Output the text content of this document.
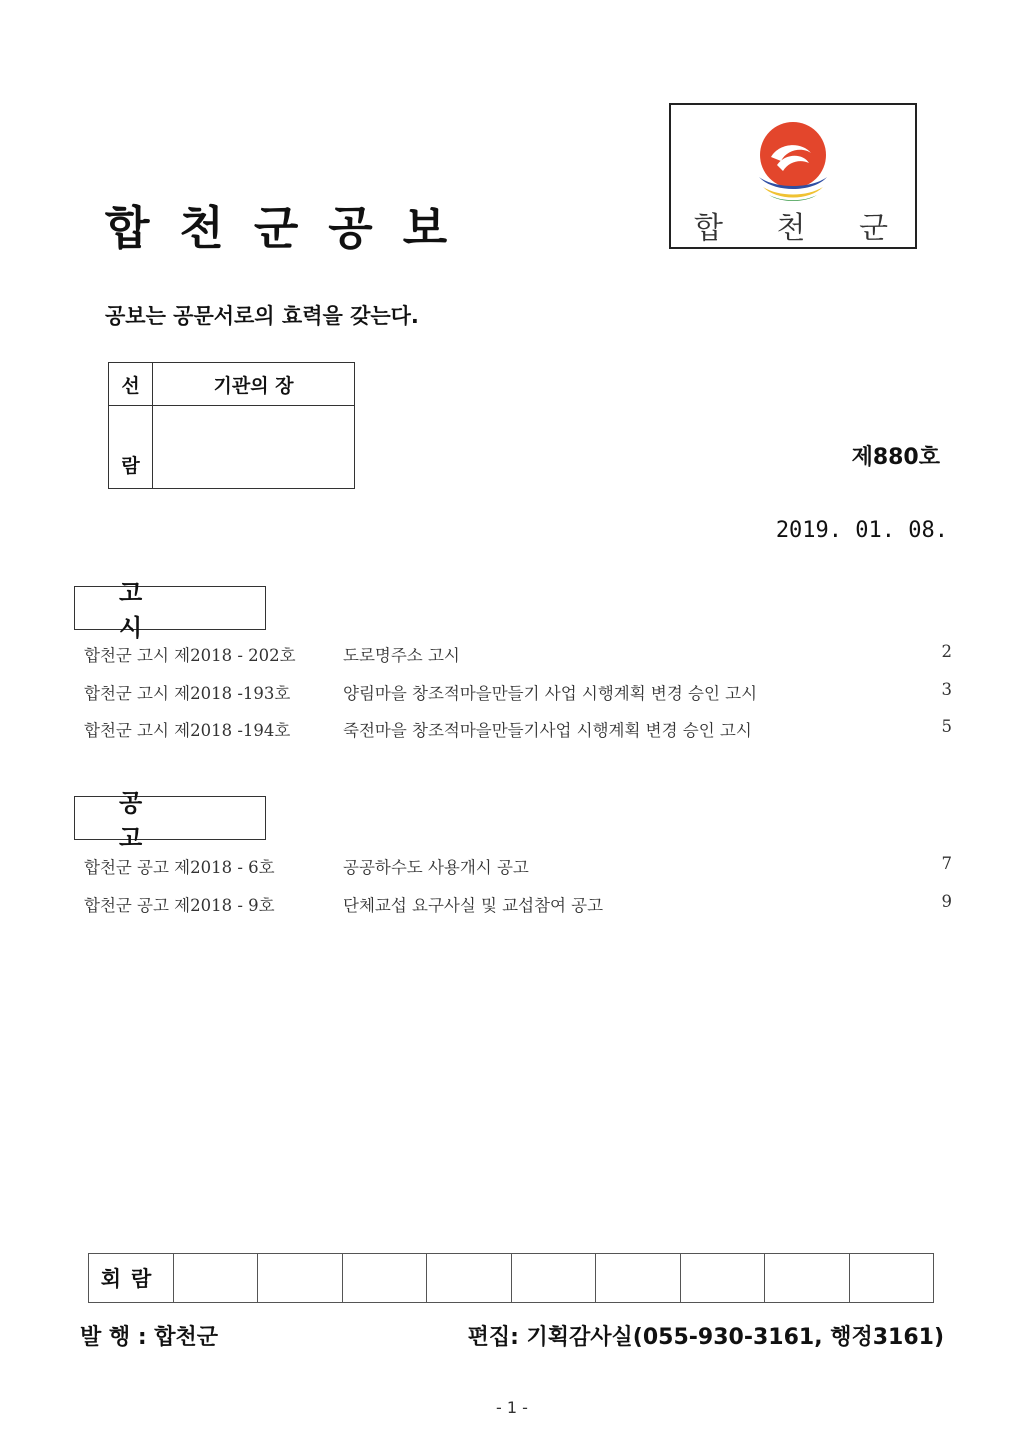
합천군공보	합 천 군
공보는 공문서로의 효력을 갖는다.
선	기관의 장
람		제880호
2019. 01. 08.
고 시
합천군 고시 제2018 - 202호	도로명주소 고시	2
합천군 고시 제2018 -193호	양림마을 창조적마을만들기 사업 시행계획 변경 승인 고시	3
합천군 고시 제2018 -194호	죽전마을 창조적마을만들기사업 시행계획 변경 승인 고시	5
공 고
합천군 공고 제2018 - 6호	공공하수도 사용개시 공고	7
합천군 공고 제2018 - 9호	단체교섭 요구사실 및 교섭참여 공고	9
회람									
발 행 : 합천군	편집: 기획감사실(055-930-3161, 행정3161)
- 1 -
